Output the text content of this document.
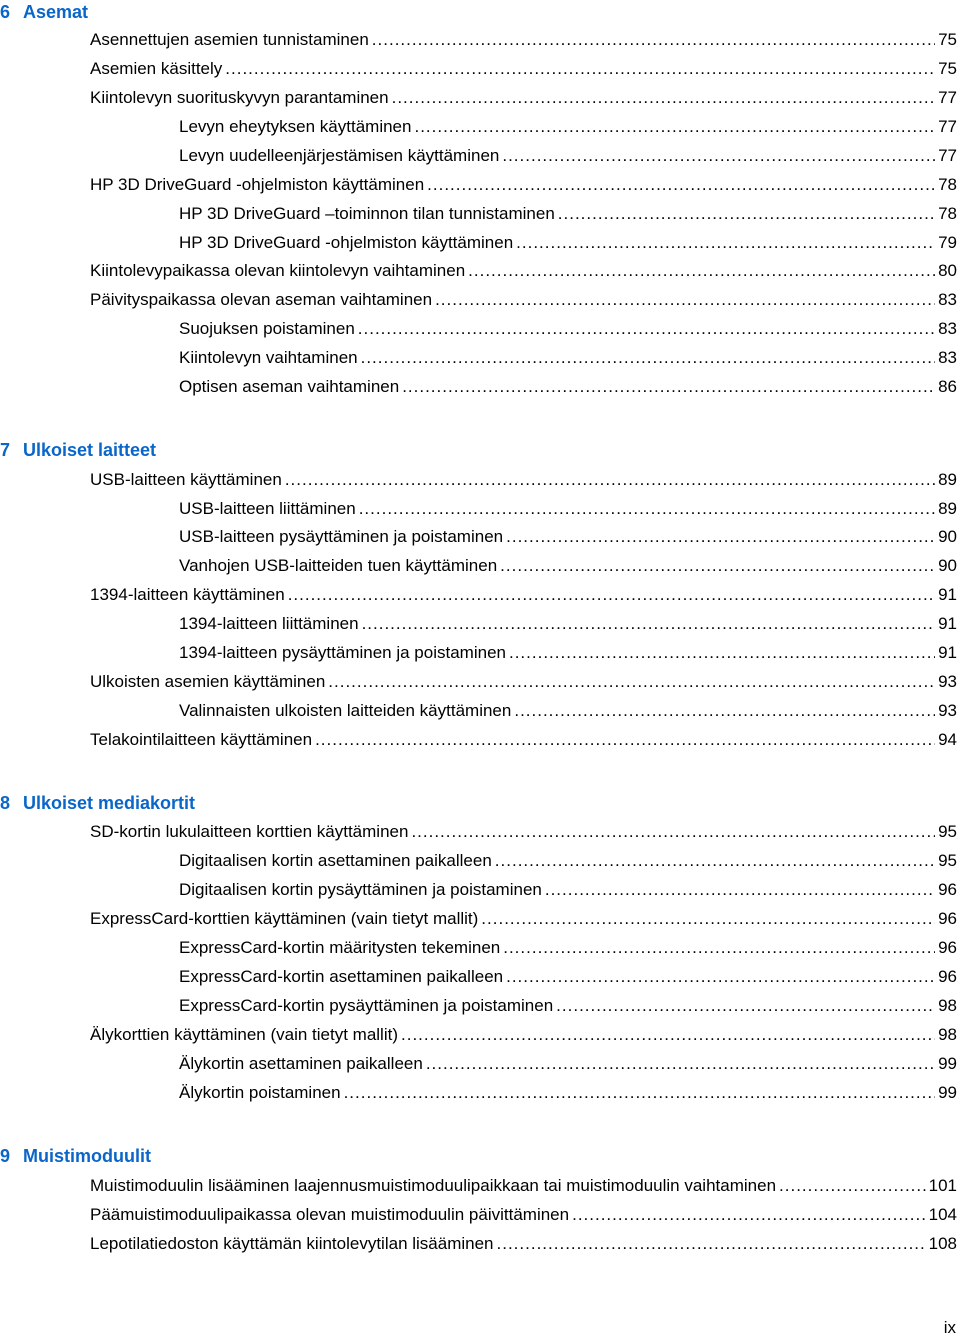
6 Asemat
Asennettujen asemien tunnistaminen .....	75
Asemien käsittely .....	75
Kiintolevyn suorituskyvyn parantaminen .....	77
Levyn eheytyksen käyttäminen .....	77
Levyn uudelleenjärjestämisen käyttäminen .....	77
HP 3D DriveGuard -ohjelmiston käyttäminen .....	78
HP 3D DriveGuard –toiminnon tilan tunnistaminen .....	78
HP 3D DriveGuard -ohjelmiston käyttäminen .....	79
Kiintolevypaikassa olevan kiintolevyn vaihtaminen .....	80
Päivityspaikassa olevan aseman vaihtaminen .....	83
Suojuksen poistaminen .....	83
Kiintolevyn vaihtaminen .....	83
Optisen aseman vaihtaminen .....	86
7 Ulkoiset laitteet
USB-laitteen käyttäminen .....	89
USB-laitteen liittäminen .....	89
USB-laitteen pysäyttäminen ja poistaminen .....	90
Vanhojen USB-laitteiden tuen käyttäminen .....	90
1394-laitteen käyttäminen .....	91
1394-laitteen liittäminen .....	91
1394-laitteen pysäyttäminen ja poistaminen .....	91
Ulkoisten asemien käyttäminen .....	93
Valinnaisten ulkoisten laitteiden käyttäminen .....	93
Telakointilaitteen käyttäminen .....	94
8 Ulkoiset mediakortit
SD-kortin lukulaitteen korttien käyttäminen .....	95
Digitaalisen kortin asettaminen paikalleen .....	95
Digitaalisen kortin pysäyttäminen ja poistaminen .....	96
ExpressCard-korttien käyttäminen (vain tietyt mallit) .....	96
ExpressCard-kortin määritysten tekeminen .....	96
ExpressCard-kortin asettaminen paikalleen .....	96
ExpressCard-kortin pysäyttäminen ja poistaminen .....	98
Älykorttien käyttäminen (vain tietyt mallit) .....	98
Älykortin asettaminen paikalleen .....	99
Älykortin poistaminen .....	99
9 Muistimoduulit
Muistimoduulin lisääminen laajennusmuistimoduulipaikkaan tai muistimoduulin vaihtaminen .....	101
Päämuistimoduulipaikassa olevan muistimoduulin päivittäminen .....	104
Lepotilatiedoston käyttämän kiintolevytilan lisääminen .....	108
ix
